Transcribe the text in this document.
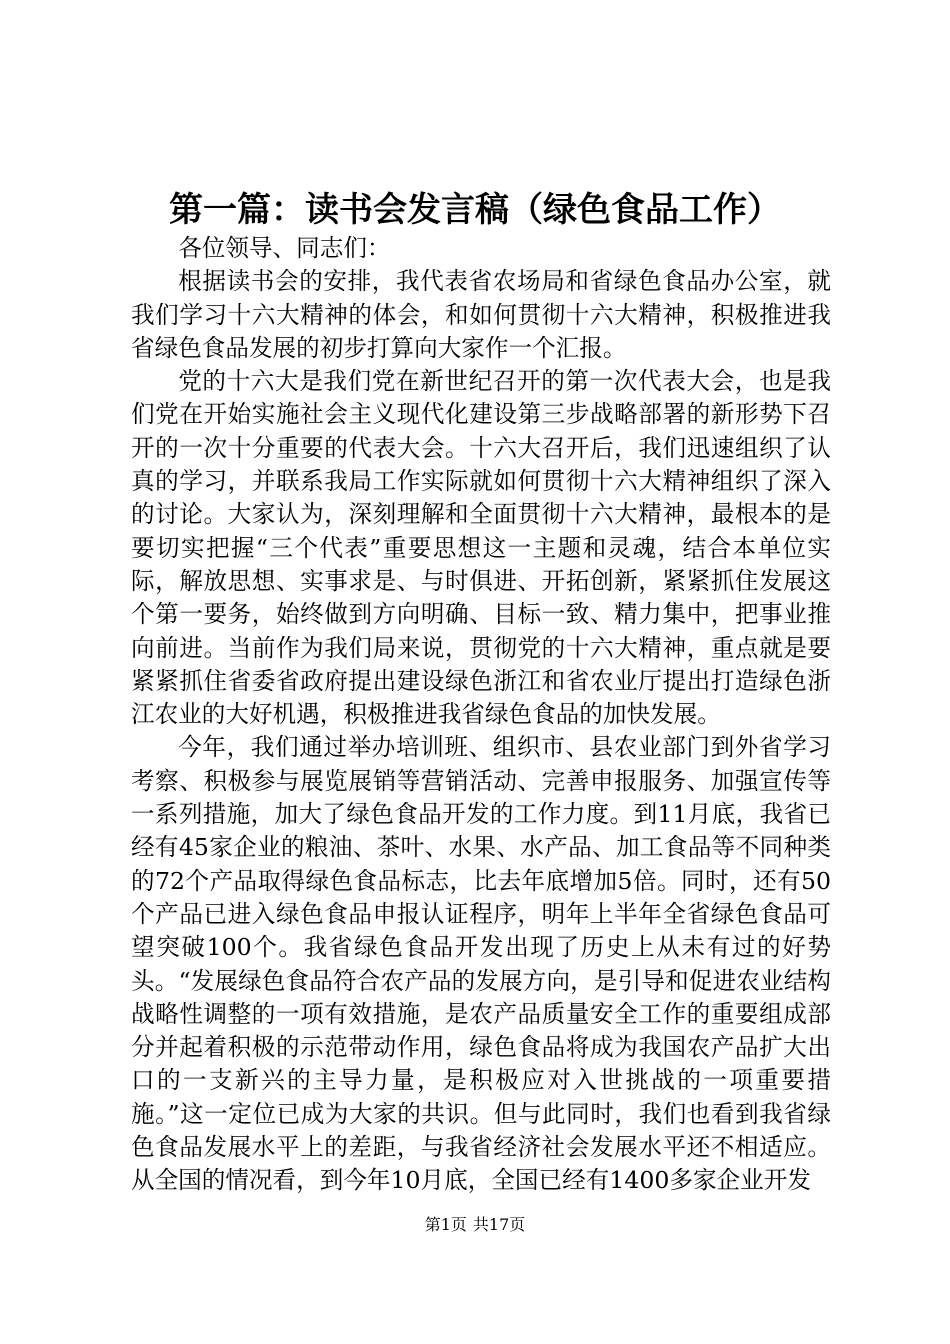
第一篇：读书会发言稿（绿色食品工作）

各位领导、同志们：

根据读书会的安排，我代表省农场局和省绿色食品办公室，就我们学习十六大精神的体会，和如何贯彻十六大精神，积极推进我省绿色食品发展的初步打算向大家作一个汇报。

党的十六大是我们党在新世纪召开的第一次代表大会，也是我们党在开始实施社会主义现代化建设第三步战略部署的新形势下召开的一次十分重要的代表大会。十六大召开后，我们迅速组织了认真的学习，并联系我局工作实际就如何贯彻十六大精神组织了深入的讨论。大家认为，深刻理解和全面贯彻十六大精神，最根本的是要切实把握“三个代表”重要思想这一主题和灵魂，结合本单位实际，解放思想、实事求是、与时俱进、开拓创新，紧紧抓住发展这个第一要务，始终做到方向明确、目标一致、精力集中，把事业推向前进。当前作为我们局来说，贯彻党的十六大精神，重点就是要紧紧抓住省委省政府提出建设绿色浙江和省农业厅提出打造绿色浙江农业的大好机遇，积极推进我省绿色食品的加快发展。

今年，我们通过举办培训班、组织市、县农业部门到外省学习考察、积极参与展览展销等营销活动、完善申报服务、加强宣传等一系列措施，加大了绿色食品开发的工作力度。到11月底，我省已经有45家企业的粮油、茶叶、水果、水产品、加工食品等不同种类的72个产品取得绿色食品标志，比去年底增加5倍。同时，还有50个产品已进入绿色食品申报认证程序，明年上半年全省绿色食品可望突破100个。我省绿色食品开发出现了历史上从未有过的好势头。“发展绿色食品符合农产品的发展方向，是引导和促进农业结构战略性调整的一项有效措施，是农产品质量安全工作的重要组成部分并起着积极的示范带动作用，绿色食品将成为我国农产品扩大出口的一支新兴的主导力量，是积极应对入世挑战的一项重要措施。”这一定位已成为大家的共识。但与此同时，我们也看到我省绿色食品发展水平上的差距，与我省经济社会发展水平还不相适应。从全国的情况看，到今年10月底，全国已经有1400多家企业开发

第1页 共17页
